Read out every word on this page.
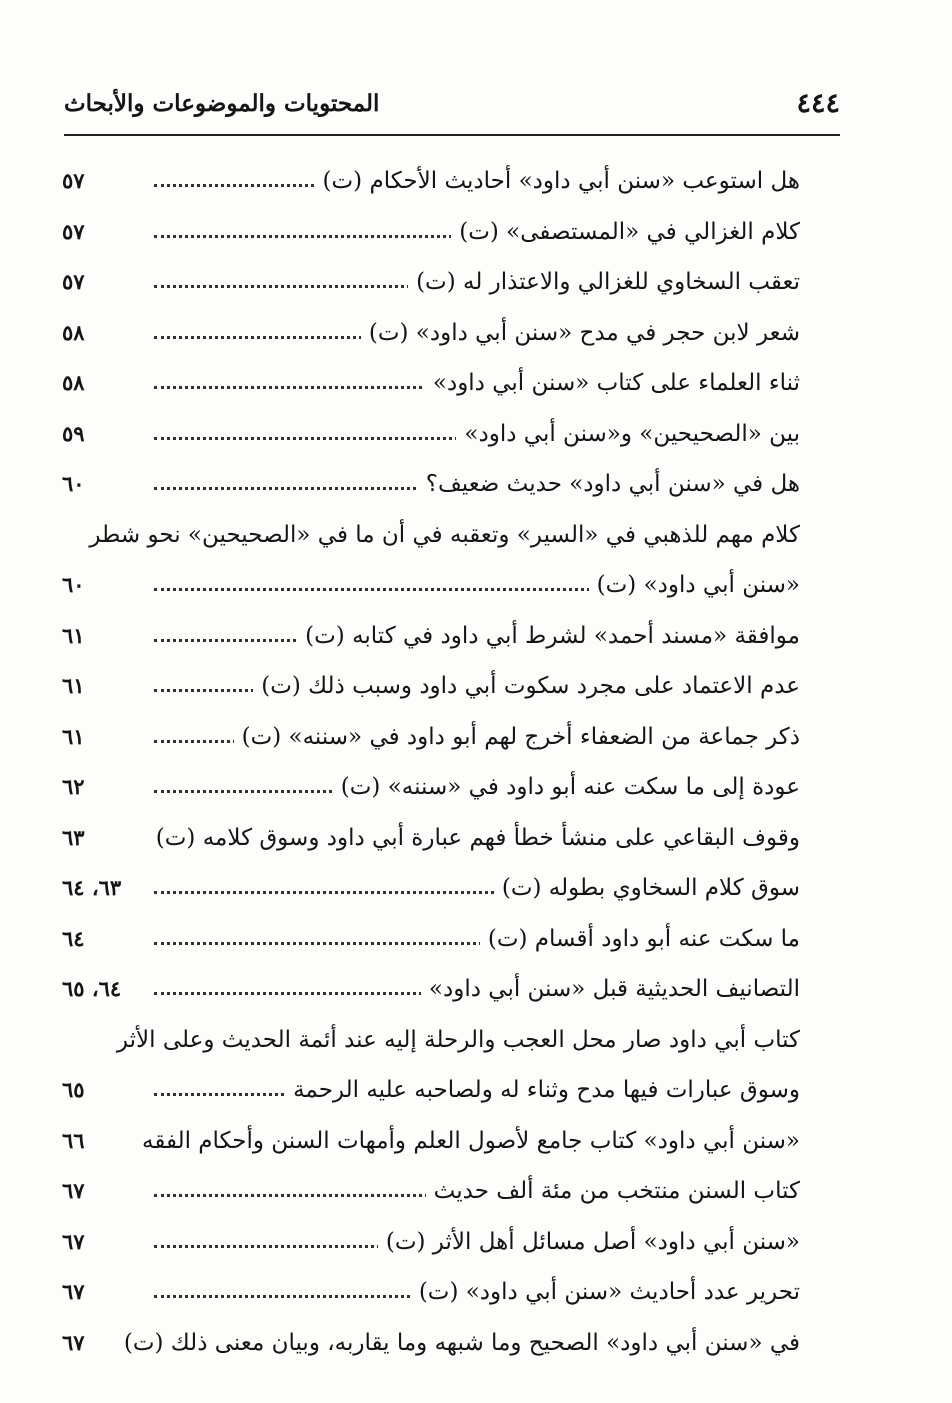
٤٤٤
المحتويات والموضوعات والأبحاث
هل استوعب «سنن أبي داود» أحاديث الأحكام (ت)
٥٧
كلام الغزالي في «المستصفى» (ت)
٥٧
تعقب السخاوي للغزالي والاعتذار له (ت)
٥٧
شعر لابن حجر في مدح «سنن أبي داود» (ت)
٥٨
ثناء العلماء على كتاب «سنن أبي داود»
٥٨
بين «الصحيحين» و«سنن أبي داود»
٥٩
هل في «سنن أبي داود» حديث ضعيف؟
٦٠
كلام مهم للذهبي في «السير» وتعقبه في أن ما في «الصحيحين» نحو شطر
«سنن أبي داود» (ت)
٦٠
موافقة «مسند أحمد» لشرط أبي داود في كتابه (ت)
٦١
عدم الاعتماد على مجرد سكوت أبي داود وسبب ذلك (ت)
٦١
ذكر جماعة من الضعفاء أخرج لهم أبو داود في «سننه» (ت)
٦١
عودة إلى ما سكت عنه أبو داود في «سننه» (ت)
٦٢
وقوف البقاعي على منشأ خطأ فهم عبارة أبي داود وسوق كلامه (ت)
٦٣
سوق كلام السخاوي بطوله (ت)
٦٣، ٦٤
ما سكت عنه أبو داود أقسام (ت)
٦٤
التصانيف الحديثية قبل «سنن أبي داود»
٦٤، ٦٥
كتاب أبي داود صار محل العجب والرحلة إليه عند أئمة الحديث وعلى الأثر
وسوق عبارات فيها مدح وثناء له ولصاحبه عليه الرحمة
٦٥
«سنن أبي داود» كتاب جامع لأصول العلم وأمهات السنن وأحكام الفقه
٦٦
كتاب السنن منتخب من مئة ألف حديث
٦٧
«سنن أبي داود» أصل مسائل أهل الأثر (ت)
٦٧
تحرير عدد أحاديث «سنن أبي داود» (ت)
٦٧
في «سنن أبي داود» الصحيح وما شبهه وما يقاربه، وبيان معنى ذلك (ت)
٦٧
